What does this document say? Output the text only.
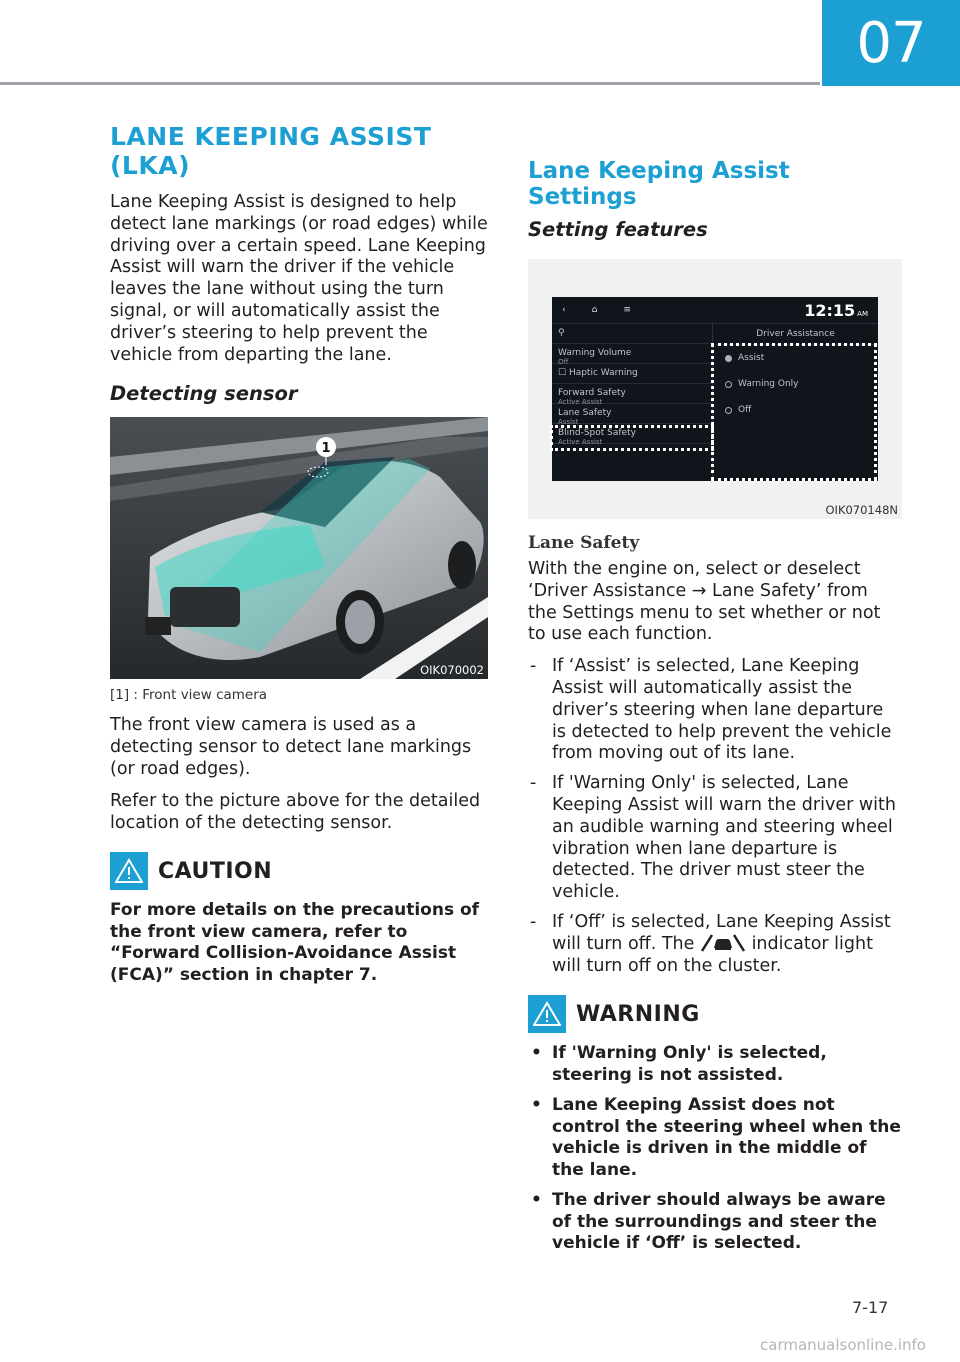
07
LANE KEEPING ASSIST (LKA)

Lane Keeping Assist is designed to help detect lane markings (or road edges) while driving over a certain speed. Lane Keeping Assist will warn the driver if the vehicle leaves the lane without using the turn signal, or will automatically assist the driver’s steering to help prevent the vehicle from departing the lane.

Detecting sensor
1
OIK070002
[1] : Front view camera

The front view camera is used as a detecting sensor to detect lane markings (or road edges).

Refer to the picture above for the detailed location of the detecting sensor.

CAUTION

For more details on the precautions of the front view camera, refer to “Forward Collision-Avoidance Assist (FCA)” section in chapter 7.

Lane Keeping Assist Settings
Setting features
‹	⌂	≡	12:15 AM
⚲
Warning Volume
Off
☐ Haptic Warning
Forward Safety
Active Assist
Lane Safety
Assist
Blind-Spot Safety
Active Assist
Driver Assistance
Assist
Warning Only
Off
OIK070148N
Lane Safety

With the engine on, select or deselect ‘Driver Assistance → Lane Safety’ from the Settings menu to set whether or not to use each function.

- If ‘Assist’ is selected, Lane Keeping Assist will automatically assist the driver’s steering when lane departure is detected to help prevent the vehicle from moving out of its lane.
- If 'Warning Only' is selected, Lane Keeping Assist will warn the driver with an audible warning and steering wheel vibration when lane departure is detected. The driver must steer the vehicle.
- If ‘Off’ is selected, Lane Keeping Assist will turn off. The	indicator light will turn off on the cluster.
WARNING
• If 'Warning Only' is selected, steering is not assisted.
• Lane Keeping Assist does not control the steering wheel when the vehicle is driven in the middle of the lane.
• The driver should always be aware of the surroundings and steer the vehicle if ‘Off’ is selected.
7-17
carmanualsonline.info
